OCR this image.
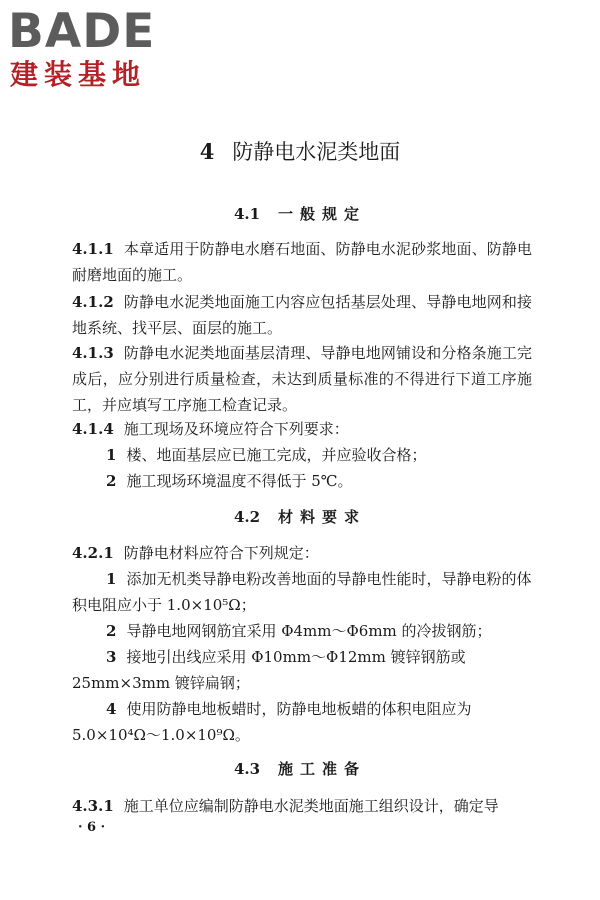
BADE
建装基地
4 防静电水泥类地面
4.1 一般规定
4.1.1 本章适用于防静电水磨石地面、防静电水泥砂浆地面、防静电耐磨地面的施工。
4.1.2 防静电水泥类地面施工内容应包括基层处理、导静电地网和接地系统、找平层、面层的施工。
4.1.3 防静电水泥类地面基层清理、导静电地网铺设和分格条施工完成后，应分别进行质量检查，未达到质量标准的不得进行下道工序施工，并应填写工序施工检查记录。
4.1.4 施工现场及环境应符合下列要求：
1 楼、地面基层应已施工完成，并应验收合格；
2 施工现场环境温度不得低于 5℃。
4.2 材料要求
4.2.1 防静电材料应符合下列规定：
1 添加无机类导静电粉改善地面的导静电性能时，导静电粉的体积电阻应小于 1.0×10⁵Ω；
2 导静电地网钢筋宜采用 Φ4mm～Φ6mm 的冷拔钢筋；
3 接地引出线应采用 Φ10mm～Φ12mm 镀锌钢筋或 25mm×3mm 镀锌扁钢；
4 使用防静电地板蜡时，防静电地板蜡的体积电阻应为 5.0×10⁴Ω～1.0×10⁹Ω。
4.3 施工准备
4.3.1 施工单位应编制防静电水泥类地面施工组织设计，确定导
· 6 ·
